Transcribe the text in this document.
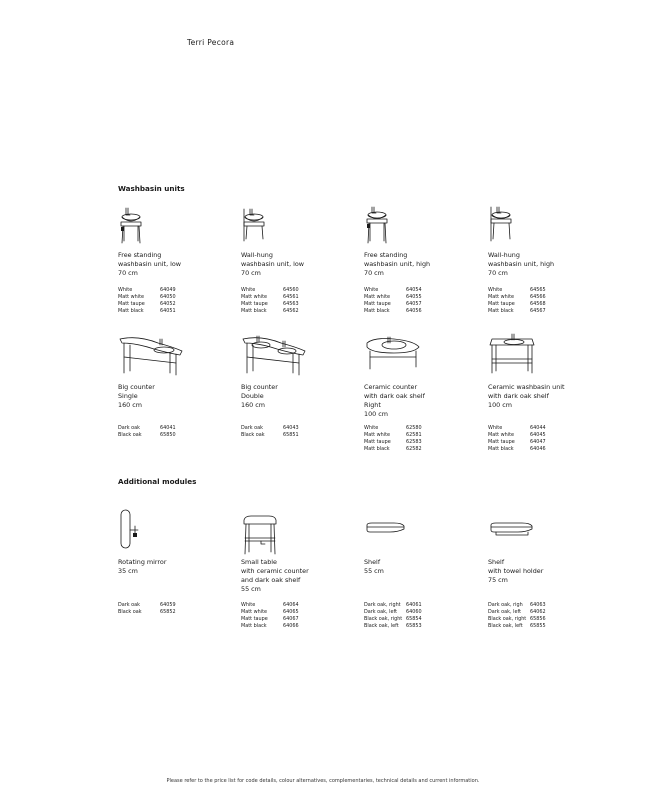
Terri Pecora
Washbasin units
Additional modules
Free standing
washbasin unit, low
70 cm
White	64049
Matt white	64050
Matt taupe	64052
Matt black	64051
Wall-hung
washbasin unit, low
70 cm
White	64560
Matt white	64561
Matt taupe	64563
Matt black	64562
Free standing
washbasin unit, high
70 cm
White	64054
Matt white	64055
Matt taupe	64057
Matt black	64056
Wall-hung
washbasin unit, high
70 cm
White	64565
Matt white	64566
Matt taupe	64568
Matt black	64567
Big counter
Single
160 cm
Dark oak	64041
Black oak	65850
Big counter
Double
160 cm
Dark oak	64043
Black oak	65851
Ceramic counter
with dark oak shelf
Right
100 cm
White	62580
Matt white	62581
Matt taupe	62583
Matt black	62582
Ceramic washbasin unit
with dark oak shelf
100 cm
White	64044
Matt white	64045
Matt taupe	64047
Matt black	64046
Rotating mirror
35 cm
Dark oak	64059
Black oak	65852
Small table
with ceramic counter
and dark oak shelf
55 cm
White	64064
Matt white	64065
Matt taupe	64067
Matt black	64066
Shelf
55 cm
Dark oak, right	64061
Dark oak, left	64060
Black oak, right 65854
Black oak, left	65853
Shelf
with towel holder
75 cm
Dark oak, righ	64063
Dark oak, left	64062
Black oak, right 65856
Black oak, left	65855
Please refer to the price list for code details, colour alternatives, complementaries, technical details and current information.
